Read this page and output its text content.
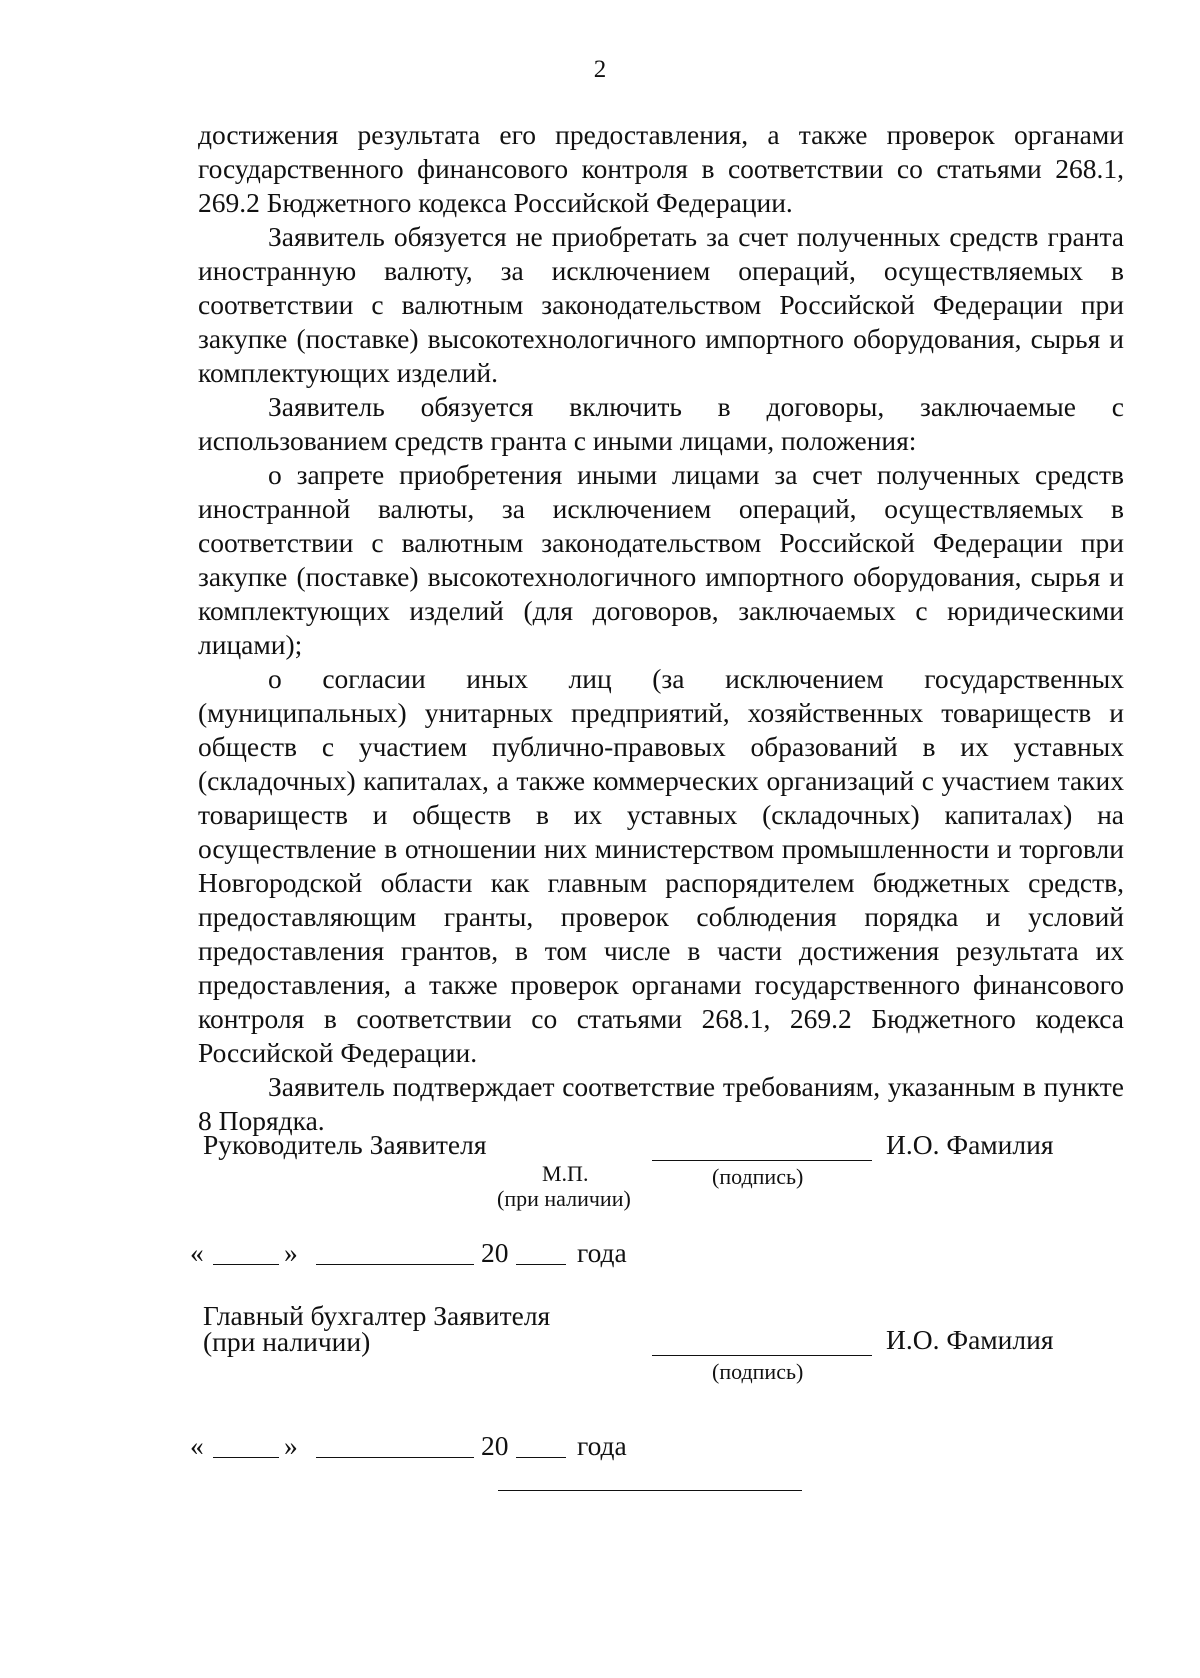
2

достижения результата его предоставления, а также проверок органами государственного финансового контроля в соответствии со статьями 268.1, 269.2 Бюджетного кодекса Российской Федерации.

Заявитель обязуется не приобретать за счет полученных средств гранта иностранную валюту, за исключением операций, осуществляемых в соответствии с валютным законодательством Российской Федерации при закупке (поставке) высокотехнологичного импортного оборудования, сырья и комплектующих изделий.

Заявитель обязуется включить в договоры, заключаемые с использованием средств гранта с иными лицами, положения:

о запрете приобретения иными лицами за счет полученных средств иностранной валюты, за исключением операций, осуществляемых в соответствии с валютным законодательством Российской Федерации при закупке (поставке) высокотехнологичного импортного оборудования, сырья и комплектующих изделий (для договоров, заключаемых с юридическими лицами);

о согласии иных лиц (за исключением государственных (муниципальных) унитарных предприятий, хозяйственных товариществ и обществ с участием публично-правовых образований в их уставных (складочных) капиталах, а также коммерческих организаций с участием таких товариществ и обществ в их уставных (складочных) капиталах) на осуществление в отношении них министерством промышленности и торговли Новгородской области как главным распорядителем бюджетных средств, предоставляющим гранты, проверок соблюдения порядка и условий предоставления грантов, в том числе в части достижения результата их предоставления, а также проверок органами государственного финансового контроля в соответствии со статьями 268.1, 269.2 Бюджетного кодекса Российской Федерации.

Заявитель подтверждает соответствие требованиям, указанным в пункте 8 Порядка.

Руководитель Заявителя	И.О. Фамилия
М.П.	(подпись)
(при наличии)
«	»	20 года
Главный бухгалтер Заявителя
(при наличии)	И.О. Фамилия
(подпись)
«	»	20 года
